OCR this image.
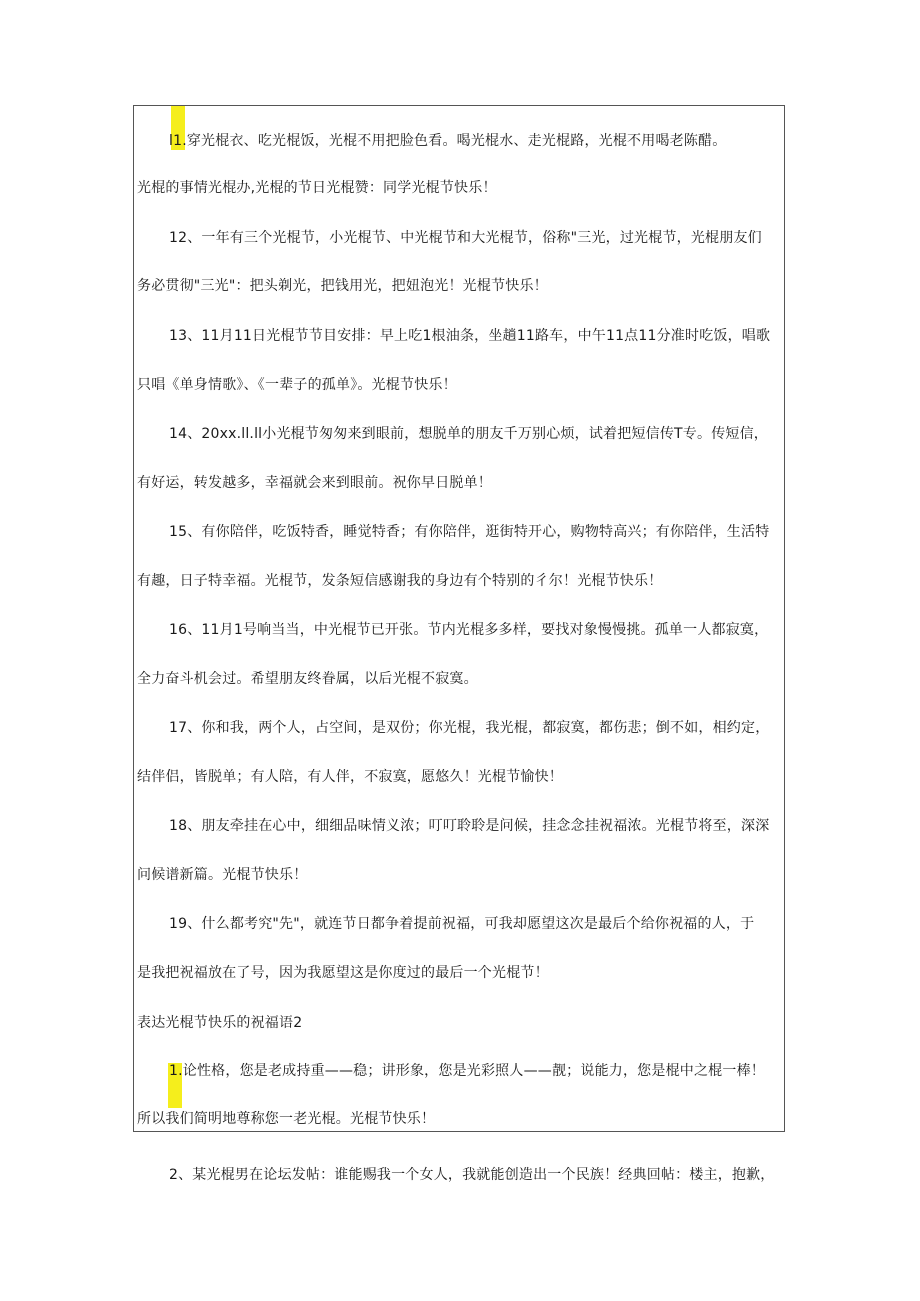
l1.穿光棍衣、吃光棍饭，光棍不用把脸色看。喝光棍水、走光棍路，光棍不用喝老陈醋。
光棍的事情光棍办,光棍的节日光棍赞：同学光棍节快乐！
12、一年有三个光棍节，小光棍节、中光棍节和大光棍节，俗称"三光，过光棍节，光棍朋友们
务必贯彻"三光"：把头剃光，把钱用光，把妞泡光！光棍节快乐！
13、11月11日光棍节节目安排：早上吃1根油条，坐趟11路车，中午11点11分准时吃饭，唱歌
只唱《单身情歌》、《一辈子的孤单》。光棍节快乐！
14、20xx.ll.ll小光棍节匆匆来到眼前，想脱单的朋友千万别心烦，试着把短信传T专。传短信，
有好运，转发越多，幸福就会来到眼前。祝你早日脱单！
15、有你陪伴，吃饭特香，睡觉特香；有你陪伴，逛街特开心，购物特高兴；有你陪伴，生活特
有趣，日子特幸福。光棍节，发条短信感谢我的身边有个特别的彳尔！光棍节快乐！
16、11月1号响当当，中光棍节已开张。节内光棍多多样，要找对象慢慢挑。孤单一人都寂寞，
全力奋斗机会过。希望朋友终眷属，以后光棍不寂寞。
17、你和我，两个人，占空间，是双份；你光棍，我光棍，都寂寞，都伤悲；倒不如，相约定，
结伴侣，皆脱单；有人陪，有人伴，不寂寞，愿悠久！光棍节愉快！
18、朋友牵挂在心中，细细品味情义浓；叮叮聆聆是问候，挂念念挂祝福浓。光棍节将至，深深
问候谱新篇。光棍节快乐！
19、什么都考究"先"，就连节日都争着提前祝福，可我却愿望这次是最后个给你祝福的人，于
是我把祝福放在了号，因为我愿望这是你度过的最后一个光棍节！
表达光棍节快乐的祝福语2
1.论性格，您是老成持重——稳；讲形象，您是光彩照人——靓；说能力，您是棍中之棍一棒！
所以我们简明地尊称您一老光棍。光棍节快乐！
2、某光棍男在论坛发帖：谁能赐我一个女人，我就能创造出一个民族！经典回帖：楼主，抱歉，
